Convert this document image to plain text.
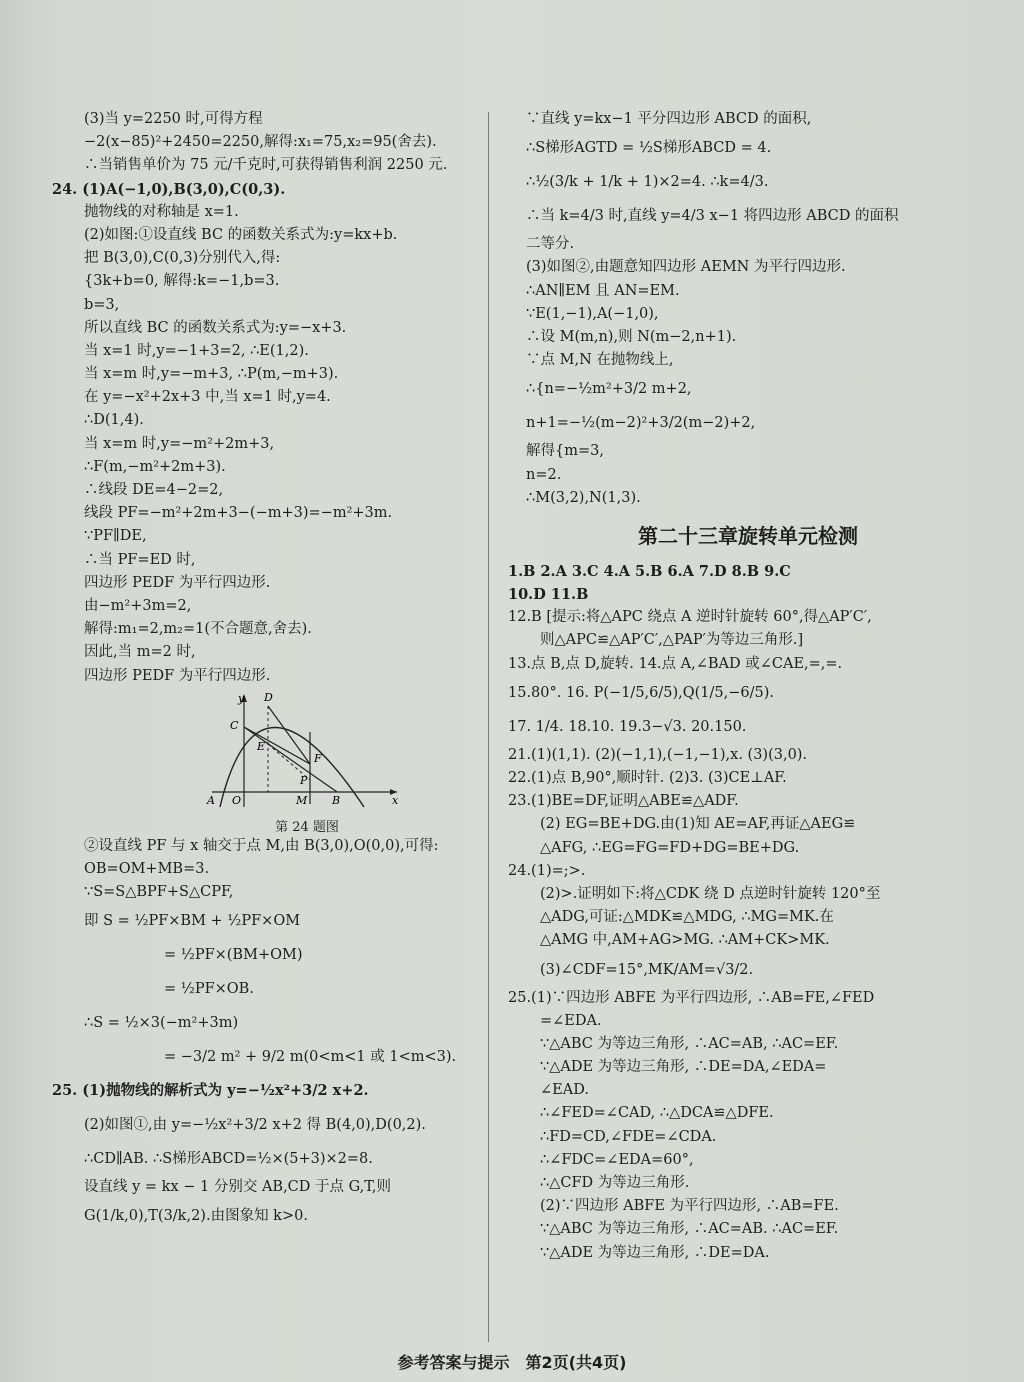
(3)当 y=2250 时,可得方程
−2(x−85)²+2450=2250,解得:x₁=75,x₂=95(舍去).
∴当销售单价为 75 元/千克时,可获得销售利润 2250 元.
24. (1)A(−1,0),B(3,0),C(0,3).
抛物线的对称轴是 x=1.
(2)如图:①设直线 BC 的函数关系式为:y=kx+b.
把 B(3,0),C(0,3)分别代入,得:
{3k+b=0, 解得:k=−1,b=3.
b=3,
所以直线 BC 的函数关系式为:y=−x+3.
当 x=1 时,y=−1+3=2, ∴E(1,2).
当 x=m 时,y=−m+3, ∴P(m,−m+3).
在 y=−x²+2x+3 中,当 x=1 时,y=4.
∴D(1,4).
当 x=m 时,y=−m²+2m+3,
∴F(m,−m²+2m+3).
∴线段 DE=4−2=2,
线段 PF=−m²+2m+3−(−m+3)=−m²+3m.
∵PF∥DE,
∴当 PF=ED 时,
四边形 PEDF 为平行四边形.
由−m²+3m=2,
解得:m₁=2,m₂=1(不合题意,舍去).
因此,当 m=2 时,
四边形 PEDF 为平行四边形.
y D
C
E
F
P
A O	M B	x
第 24 题图
②设直线 PF 与 x 轴交于点 M,由 B(3,0),O(0,0),可得:
OB=OM+MB=3.
∵S=S△BPF+S△CPF,
即 S = ½PF×BM + ½PF×OM
= ½PF×(BM+OM)
= ½PF×OB.
∴S = ½×3(−m²+3m)
= −3/2 m² + 9/2 m(0<m<1 或 1<m<3).
25. (1)抛物线的解析式为 y=−½x²+3/2 x+2.
(2)如图①,由 y=−½x²+3/2 x+2 得 B(4,0),D(0,2).
∴CD∥AB. ∴S梯形ABCD=½×(5+3)×2=8.
设直线 y = kx − 1 分别交 AB,CD 于点 G,T,则
G(1/k,0),T(3/k,2).由图象知 k>0.
∵直线 y=kx−1 平分四边形 ABCD 的面积,
∴S梯形AGTD = ½S梯形ABCD = 4.
∴½(3/k + 1/k + 1)×2=4. ∴k=4/3.
∴当 k=4/3 时,直线 y=4/3 x−1 将四边形 ABCD 的面积
二等分.
(3)如图②,由题意知四边形 AEMN 为平行四边形.
∴AN∥EM 且 AN=EM.
∵E(1,−1),A(−1,0),
∴设 M(m,n),则 N(m−2,n+1).
∵点 M,N 在抛物线上,
∴{n=−½m²+3/2 m+2,
n+1=−½(m−2)²+3/2(m−2)+2,
解得{m=3,
n=2.
∴M(3,2),N(1,3).
第二十三章旋转单元检测
1.B 2.A 3.C 4.A 5.B 6.A 7.D 8.B 9.C
10.D 11.B
12.B [提示:将△APC 绕点 A 逆时针旋转 60°,得△AP′C′,
则△APC≌△AP′C′,△PAP′为等边三角形.]
13.点 B,点 D,旋转. 14.点 A,∠BAD 或∠CAE,=,=.
15.80°. 16. P(−1/5,6/5),Q(1/5,−6/5).
17. 1/4. 18.10. 19.3−√3. 20.150.
21.(1)(1,1). (2)(−1,1),(−1,−1),x. (3)(3,0).
22.(1)点 B,90°,顺时针. (2)3. (3)CE⊥AF.
23.(1)BE=DF,证明△ABE≌△ADF.
(2) EG=BE+DG.由(1)知 AE=AF,再证△AEG≌
△AFG, ∴EG=FG=FD+DG=BE+DG.
24.(1)=;>.
(2)>.证明如下:将△CDK 绕 D 点逆时针旋转 120°至
△ADG,可证:△MDK≌△MDG, ∴MG=MK.在
△AMG 中,AM+AG>MG. ∴AM+CK>MK.
(3)∠CDF=15°,MK/AM=√3/2.
25.(1)∵四边形 ABFE 为平行四边形, ∴AB=FE,∠FED
=∠EDA.
∵△ABC 为等边三角形, ∴AC=AB, ∴AC=EF.
∵△ADE 为等边三角形, ∴DE=DA,∠EDA=
∠EAD.
∴∠FED=∠CAD, ∴△DCA≌△DFE.
∴FD=CD,∠FDE=∠CDA.
∴∠FDC=∠EDA=60°,
∴△CFD 为等边三角形.
(2)∵四边形 ABFE 为平行四边形, ∴AB=FE.
∵△ABC 为等边三角形, ∴AC=AB. ∴AC=EF.
∵△ADE 为等边三角形, ∴DE=DA.
参考答案与提示　第2页(共4页)
